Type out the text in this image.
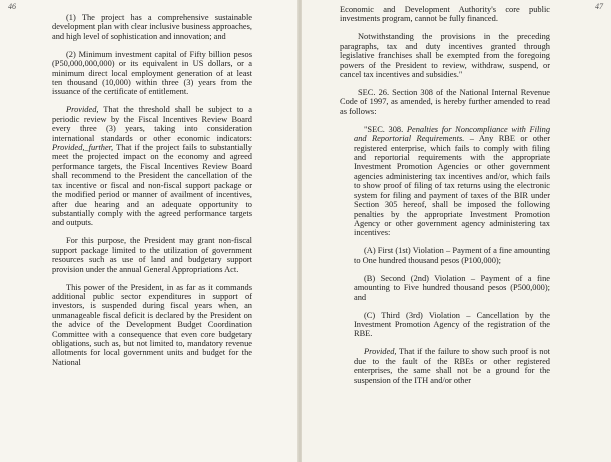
46

(1) The project has a comprehensive sustainable development plan with clear inclusive business approaches, and high level of sophistication and innovation; and

(2) Minimum investment capital of Fifty billion pesos (P50,000,000,000) or its equivalent in US dollars, or a minimum direct local employment generation of at least ten thousand (10,000) within three (3) years from the issuance of the certificate of entitlement.

Provided, That the threshold shall be subject to a periodic review by the Fiscal Incentives Review Board every three (3) years, taking into consideration international standards or other economic indicators: Provided,_further, That if the project fails to substantially meet the projected impact on the economy and agreed performance targets, the Fiscal Incentives Review Board shall recommend to the President the cancellation of the tax incentive or fiscal and non-fiscal support package or the modified period or manner of availment of incentives, after due hearing and an adequate opportunity to substantially comply with the agreed performance targets and outputs.

For this purpose, the President may grant non-fiscal support package limited to the utilization of government resources such as use of land and budgetary support provision under the annual General Appropriations Act.

This power of the President, in as far as it commands additional public sector expenditures in support of investors, is suspended during fiscal years when, an unmanageable fiscal deficit is declared by the President on the advice of the Development Budget Coordination Committee with a consequence that even core budgetary obligations, such as, but not limited to, mandatory revenue allotments for local government units and budget for the National

47

Economic and Development Authority's core public investments program, cannot be fully financed.

Notwithstanding the provisions in the preceding paragraphs, tax and duty incentives granted through legislative franchises shall be exempted from the foregoing powers of the President to review, withdraw, suspend, or cancel tax incentives and subsidies."

SEC. 26. Section 308 of the National Internal Revenue Code of 1997, as amended, is hereby further amended to read as follows:

"SEC. 308. Penalties for Noncompliance with Filing and Reportorial Requirements. – Any RBE or other registered enterprise, which fails to comply with filing and reportorial requirements with the appropriate Investment Promotion Agencies or other government agencies administering tax incentives and/or, which fails to show proof of filing of tax returns using the electronic system for filing and payment of taxes of the BIR under Section 305 hereof, shall be imposed the following penalties by the appropriate Investment Promotion Agency or other government agency administering tax incentives:

(A) First (1st) Violation – Payment of a fine amounting to One hundred thousand pesos (P100,000);

(B) Second (2nd) Violation – Payment of a fine amounting to Five hundred thousand pesos (P500,000); and

(C) Third (3rd) Violation – Cancellation by the Investment Promotion Agency of the registration of the RBE.

Provided, That if the failure to show such proof is not due to the fault of the RBEs or other registered enterprises, the same shall not be a ground for the suspension of the ITH and/or other
